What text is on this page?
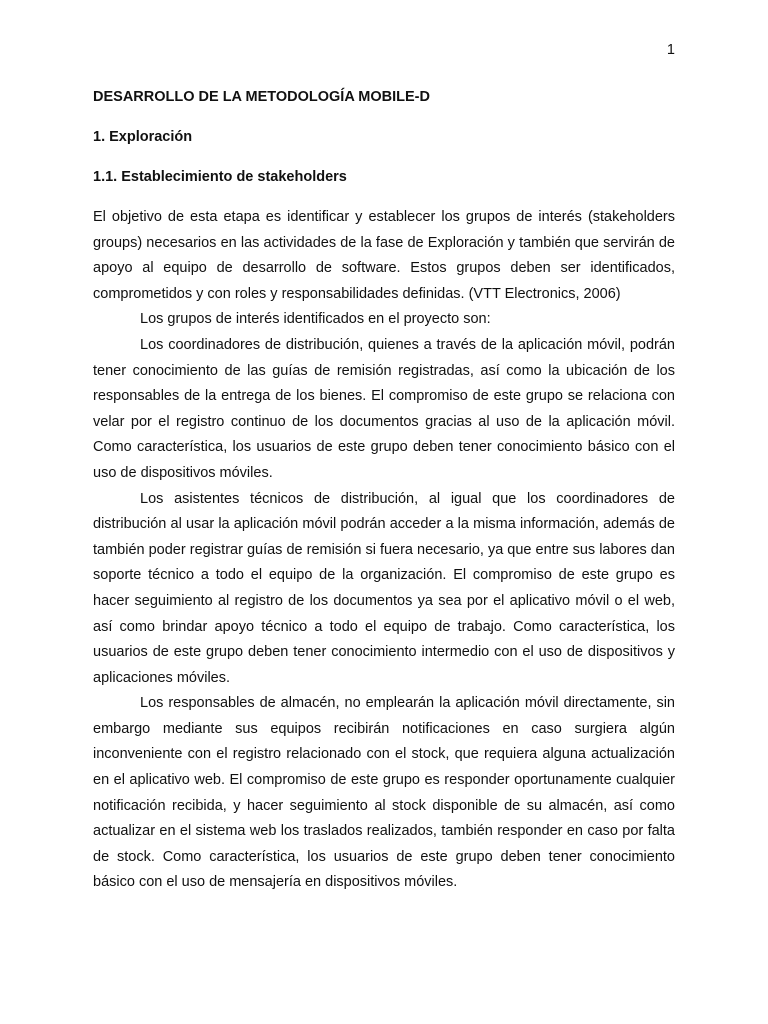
1
DESARROLLO DE LA METODOLOGÍA MOBILE-D
1. Exploración
1.1. Establecimiento de stakeholders

El objetivo de esta etapa es identificar y establecer los grupos de interés (stakeholders groups) necesarios en las actividades de la fase de Exploración y también que servirán de apoyo al equipo de desarrollo de software. Estos grupos deben ser identificados, comprometidos y con roles y responsabilidades definidas. (VTT Electronics, 2006)

Los grupos de interés identificados en el proyecto son:

Los coordinadores de distribución, quienes a través de la aplicación móvil, podrán tener conocimiento de las guías de remisión registradas, así como la ubicación de los responsables de la entrega de los bienes. El compromiso de este grupo se relaciona con velar por el registro continuo de los documentos gracias al uso de la aplicación móvil. Como característica, los usuarios de este grupo deben tener conocimiento básico con el uso de dispositivos móviles.

Los asistentes técnicos de distribución, al igual que los coordinadores de distribución al usar la aplicación móvil podrán acceder a la misma información, además de también poder registrar guías de remisión si fuera necesario, ya que entre sus labores dan soporte técnico a todo el equipo de la organización. El compromiso de este grupo es hacer seguimiento al registro de los documentos ya sea por el aplicativo móvil o el web, así como brindar apoyo técnico a todo el equipo de trabajo. Como característica, los usuarios de este grupo deben tener conocimiento intermedio con el uso de dispositivos y aplicaciones móviles.

Los responsables de almacén, no emplearán la aplicación móvil directamente, sin embargo mediante sus equipos recibirán notificaciones en caso surgiera algún inconveniente con el registro relacionado con el stock, que requiera alguna actualización en el aplicativo web. El compromiso de este grupo es responder oportunamente cualquier notificación recibida, y hacer seguimiento al stock disponible de su almacén, así como actualizar en el sistema web los traslados realizados, también responder en caso por falta de stock. Como característica, los usuarios de este grupo deben tener conocimiento básico con el uso de mensajería en dispositivos móviles.
